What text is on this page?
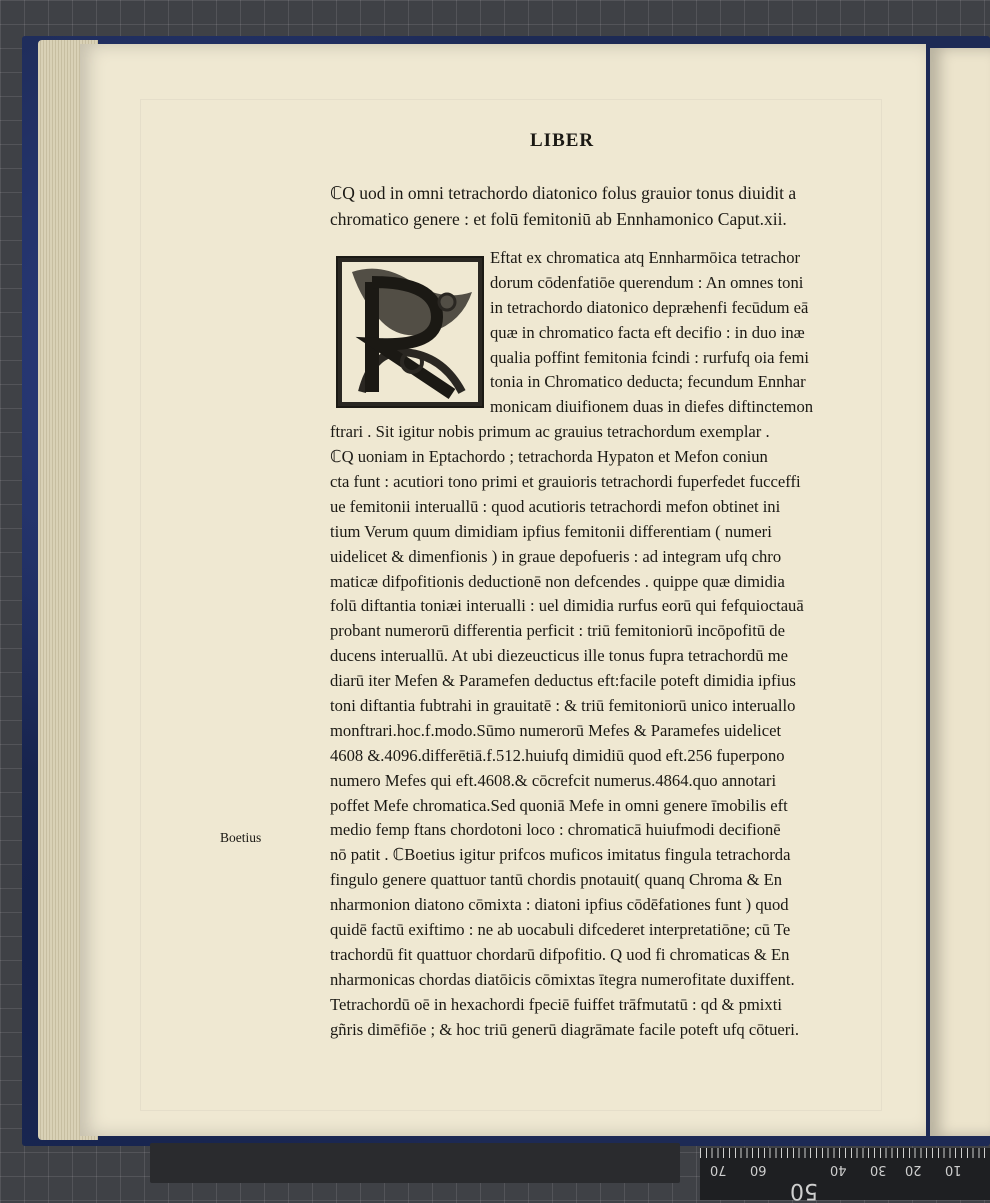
LIBER
ℂQ uod in omni tetrachordo diatonico folus grauior tonus diuidit a
chromatico genere : et folū femitoniū ab Ennhamonico Caput.xii.
Eftat ex chromatica atq Ennharmōica tetrachor
dorum cōdenfatiōe querendum : An omnes toni
in tetrachordo diatonico depræhenfi fecūdum eā
quæ in chromatico facta eft decifio : in duo inæ
qualia poffint femitonia fcindi : rurfufq oia femi
tonia in Chromatico deducta; fecundum Ennhar
monicam diuifionem duas in diefes diftinctemon
ftrari . Sit igitur nobis primum ac grauius tetrachordum exemplar .
ℂQ uoniam in Eptachordo ; tetrachorda Hypaton et Mefon coniun
cta funt : acutiori tono primi et grauioris tetrachordi fuperfedet fucceffi
ue femitonii interuallū : quod acutioris tetrachordi mefon obtinet ini
tium Verum quum dimidiam ipfius femitonii differentiam ( numeri
uidelicet & dimenfionis ) in graue depofueris : ad integram ufq chro
maticæ difpofitionis deductionē non defcendes . quippe quæ dimidia
folū diftantia toniæi interualli : uel dimidia rurfus eorū qui fefquioctauā
probant numerorū differentia perficit : triū femitoniorū incōpofitū de
ducens interuallū. At ubi diezeucticus ille tonus fupra tetrachordū me
diarū iter Mefen & Paramefen deductus eft:facile poteft dimidia ipfius
toni diftantia fubtrahi in grauitatē : & triū femitoniorū unico interuallo
monftrari.hoc.f.modo.Sūmo numerorū Mefes & Paramefes uidelicet
4608 &.4096.differētiā.f.512.huiufq dimidiū quod eft.256 fuperpono
numero Mefes qui eft.4608.& cōcrefcit numerus.4864.quo annotari
poffet Mefe chromatica.Sed quoniā Mefe in omni genere īmobilis eft
medio femp ftans chordotoni loco : chromaticā huiufmodi decifionē
nō patit . ℂBoetius igitur prifcos muficos imitatus fingula tetrachorda
fingulo genere quattuor tantū chordis pnotauit( quanq Chroma & En
nharmonion diatono cōmixta : diatoni ipfius cōdēfationes funt ) quod
quidē factū exiftimo : ne ab uocabuli difcederet interpretatiōne; cū Te
trachordū fit quattuor chordarū difpofitio. Q uod fi chromaticas & En
nharmonicas chordas diatōicis cōmixtas ītegra numerofitate duxiffent.
Tetrachordū oē in hexachordi fpeciē fuiffet trāfmutatū : qd & pmixti
gñris dimēfiōe ; & hoc triū generū diagrāmate facile poteft ufq cōtueri.
Boetius
70 60	40 30 20 10
50
